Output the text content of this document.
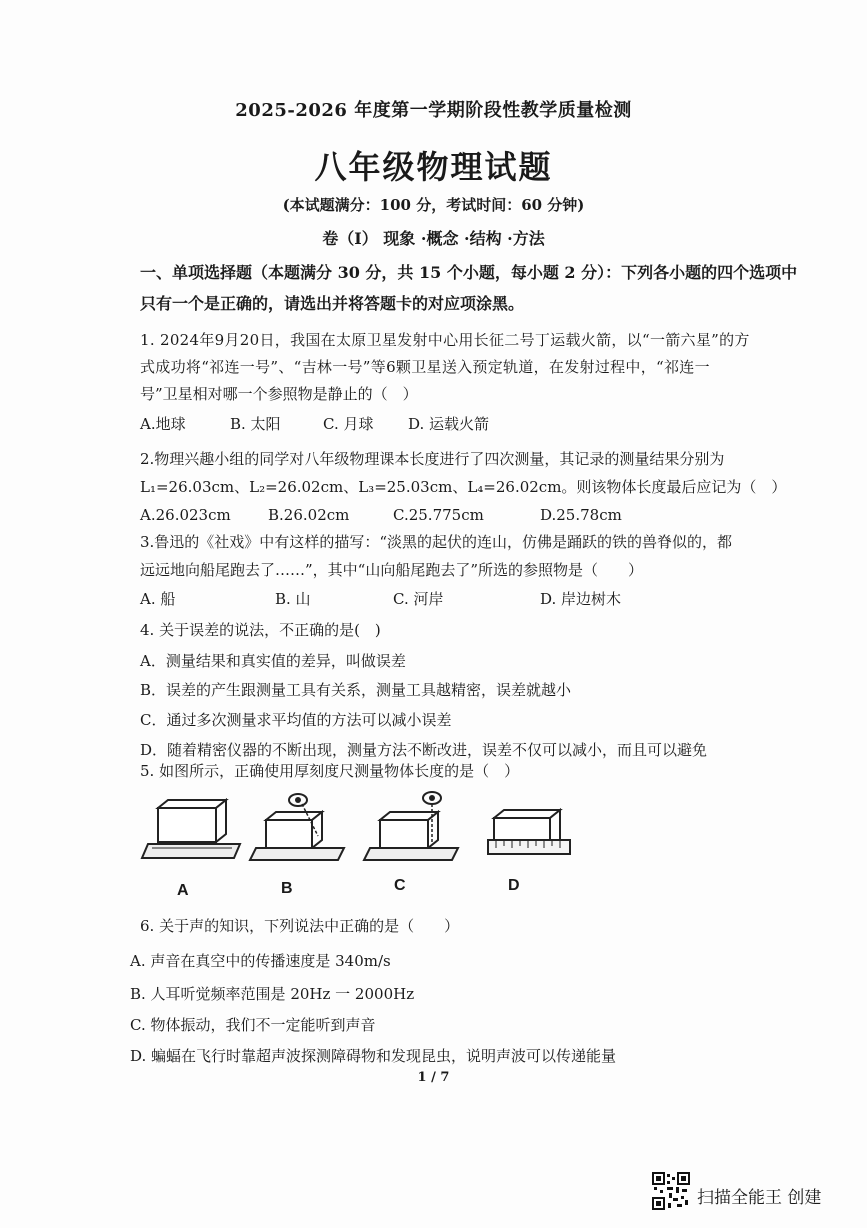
2025-2026 年度第一学期阶段性教学质量检测
八年级物理试题
(本试题满分：100 分，考试时间：60 分钟)
卷（Ⅰ） 现象 ·概念 ·结构 ·方法
一、单项选择题（本题满分 30 分，共 15 个小题，每小题 2 分）：下列各小题的四个选项中
只有一个是正确的，请选出并将答题卡的对应项涂黑。
1. 2024年9月20日，我国在太原卫星发射中心用长征二号丁运载火箭，以“一箭六星”的方
式成功将“祁连一号”、“吉林一号”等6颗卫星送入预定轨道，在发射过程中，“祁连一
号”卫星相对哪一个参照物是静止的（　）
A.地球	B. 太阳	C. 月球 D. 运载火箭
2.物理兴趣小组的同学对八年级物理课本长度进行了四次测量，其记录的测量结果分别为
L₁=26.03cm、L₂=26.02cm、L₃=25.03cm、L₄=26.02cm。则该物体长度最后应记为（　）
A.26.023cm B.26.02cm	C.25.775cm	D.25.78cm
3.鲁迅的《社戏》中有这样的描写：“淡黑的起伏的连山，仿佛是踊跃的铁的兽脊似的，都
远远地向船尾跑去了……”，其中“山向船尾跑去了”所选的参照物是（　　）
A. 船	B. 山	C. 河岸	D. 岸边树木
4. 关于误差的说法，不正确的是(　)
A．测量结果和真实值的差异，叫做误差
B．误差的产生跟测量工具有关系，测量工具越精密，误差就越小
C．通过多次测量求平均值的方法可以减小误差
D．随着精密仪器的不断出现，测量方法不断改进，误差不仅可以减小，而且可以避免
5. 如图所示，正确使用厚刻度尺测量物体长度的是（　）
A	B	C	D
6. 关于声的知识，下列说法中正确的是（　　）
A. 声音在真空中的传播速度是 340m/s
B. 人耳听觉频率范围是 20Hz 一 2000Hz
C. 物体振动，我们不一定能听到声音
D. 蝙蝠在飞行时靠超声波探测障碍物和发现昆虫，说明声波可以传递能量
1 / 7
扫描全能王 创建
